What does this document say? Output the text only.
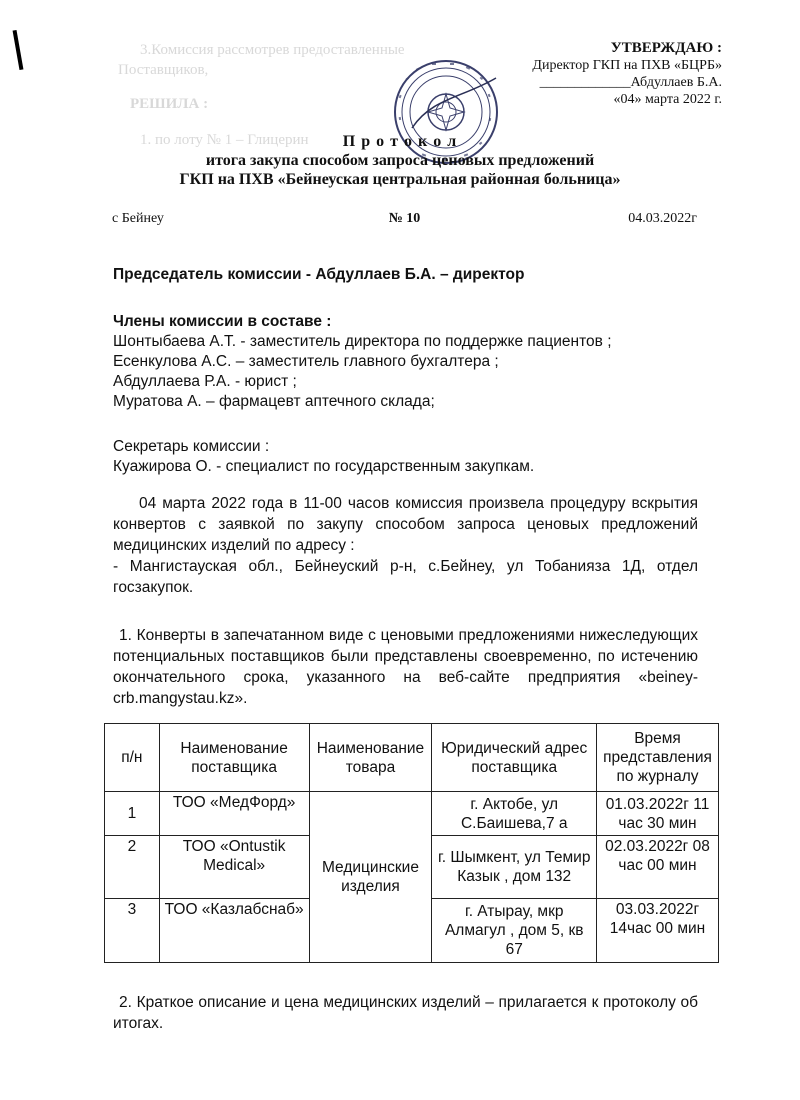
3.Комиссия рассмотрев предоставленные
Поставщиков,
РЕШИЛА :
1. по лоту № 1 – Глицерин
УТВЕРЖДАЮ :
Директор ГКП на ПХВ «БЦРБ»
_____________Абдуллаев Б.А.
«04» марта 2022 г.
П р о т о к о л
итога закупа способом запроса ценовых предложений
ГКП на ПХВ «Бейнеуская центральная районная больница»
с Бейнеу	№ 10	04.03.2022г
Председатель комиссии - Абдуллаев Б.А. – директор
Члены комиссии в составе :
Шонтыбаева А.Т. - заместитель директора по поддержке пациентов ;
Есенкулова А.С. – заместитель главного бухгалтера ;
Абдуллаева Р.А. - юрист ;
Муратова А. – фармацевт аптечного склада;
Секретарь комиссии :
Куажирова О. - специалист по государственным закупкам.
04 марта 2022 года в 11-00 часов комиссия произвела процедуру вскрытия конвертов с заявкой по закупу способом запроса ценовых предложений медицинских изделий по адресу :
- Мангистауская обл., Бейнеуский р-н, с.Бейнеу, ул Тобанияза 1Д, отдел госзакупок.
1. Конверты в запечатанном виде с ценовыми предложениями нижеследующих потенциальных поставщиков были представлены своевременно, по истечению окончательного срока, указанного на веб-сайте предприятия «beiney-crb.mangystau.kz».
п/н	Наименование поставщика	Наименование товара	Юридический адрес поставщика	Время представления по журналу
1	ТОО «МедФорд»	Медицинские изделия	г. Актобе, ул С.Баишева,7 а	01.03.2022г 11 час 30 мин
2	ТОО «Ontustik Medical»		г. Шымкент, ул Темир Казык , дом 132	02.03.2022г 08 час 00 мин
3	ТОО «Казлабснаб»		г. Атырау, мкр Алмагул , дом 5, кв 67	03.03.2022г 14час 00 мин
2. Краткое описание и цена медицинских изделий – прилагается к протоколу об итогах.
